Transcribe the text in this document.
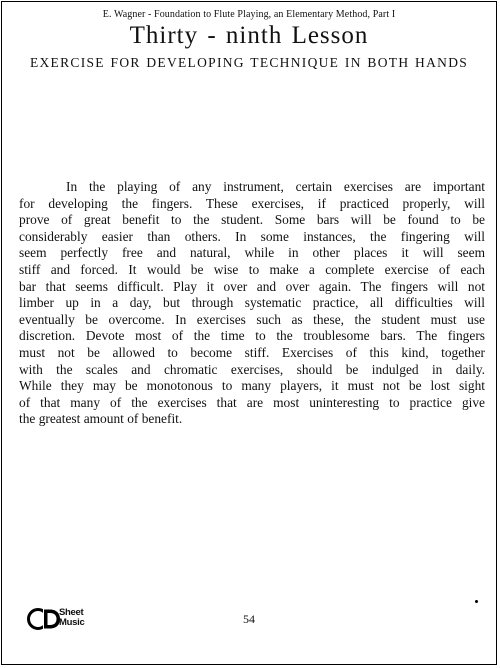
E. Wagner - Foundation to Flute Playing, an Elementary Method, Part I
Thirty - ninth Lesson
EXERCISE FOR DEVELOPING TECHNIQUE IN BOTH HANDS
In the playing of any instrument, certain exercises are important
for developing the fingers. These exercises, if practiced properly, will
prove of great benefit to the student. Some bars will be found to be
considerably easier than others. In some instances, the fingering will
seem perfectly free and natural, while in other places it will seem
stiff and forced. It would be wise to make a complete exercise of each
bar that seems difficult. Play it over and over again. The fingers will not
limber up in a day, but through systematic practice, all difficulties will
eventually be overcome. In exercises such as these, the student must use
discretion. Devote most of the time to the troublesome bars. The fingers
must not be allowed to become stiff. Exercises of this kind, together
with the scales and chromatic exercises, should be indulged in daily.
While they may be monotonous to many players, it must not be lost sight
of that many of the exercises that are most uninteresting to practice give
the greatest amount of benefit.
Sheet
Music	54
